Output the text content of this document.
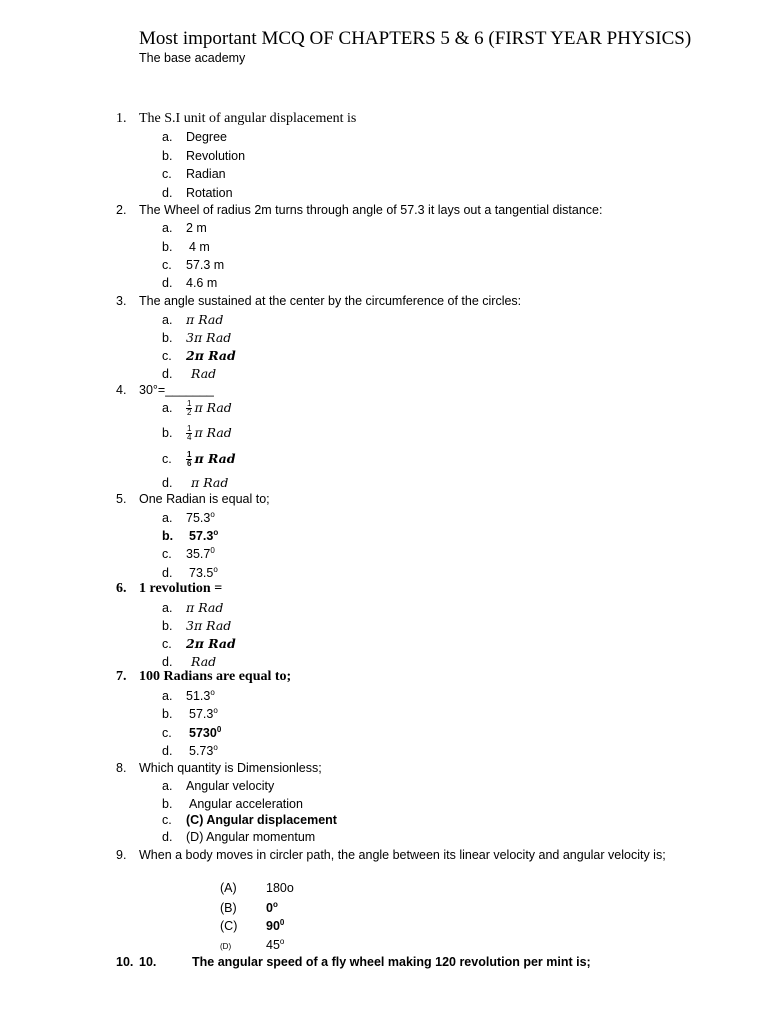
Most important MCQ OF CHAPTERS 5 & 6 (FIRST YEAR PHYSICS)
The base academy
1. The S.I unit of angular displacement is
a. Degree
b. Revolution
c. Radian
d. Rotation
2. The Wheel of radius 2m turns through angle of 57.3 it lays out a tangential distance:
a. 2 m
b. 4 m
c. 57.3 m
d. 4.6 m
3. The angle sustained at the center by the circumference of the circles:
a. π Rad
b. 3π Rad
c. 2π Rad
d. Rad
4. 30°=_______
a. $\frac{1}{2}$ π Rad
b. $\frac{1}{4}$ π Rad
c. $\frac{1}{6}$ π Rad
d. π Rad
5. One Radian is equal to;
a. 75.3$^o$
b. 57.3$^o$
c. 35.7$^0$
d. 73.5$^o$
6. 1 revolution =
a. π Rad
b. 3π Rad
c. 2π Rad
d. Rad
7. 100 Radians are equal to;
a. 51.3$^o$
b. 57.3$^o$
c. 5730$^0$
d. 5.73$^o$
8. Which quantity is Dimensionless;
a. Angular velocity
b. Angular acceleration
c. (C) Angular displacement
d. (D) Angular momentum
9.	When a body moves in circler path, the angle between its linear velocity and angular velocity is;
(A) 180o
(B) 0$^o$
(C) $90^0$
(D)	45$^o$
10. 10.	The angular speed of a fly wheel making 120 revolution per mint is;
